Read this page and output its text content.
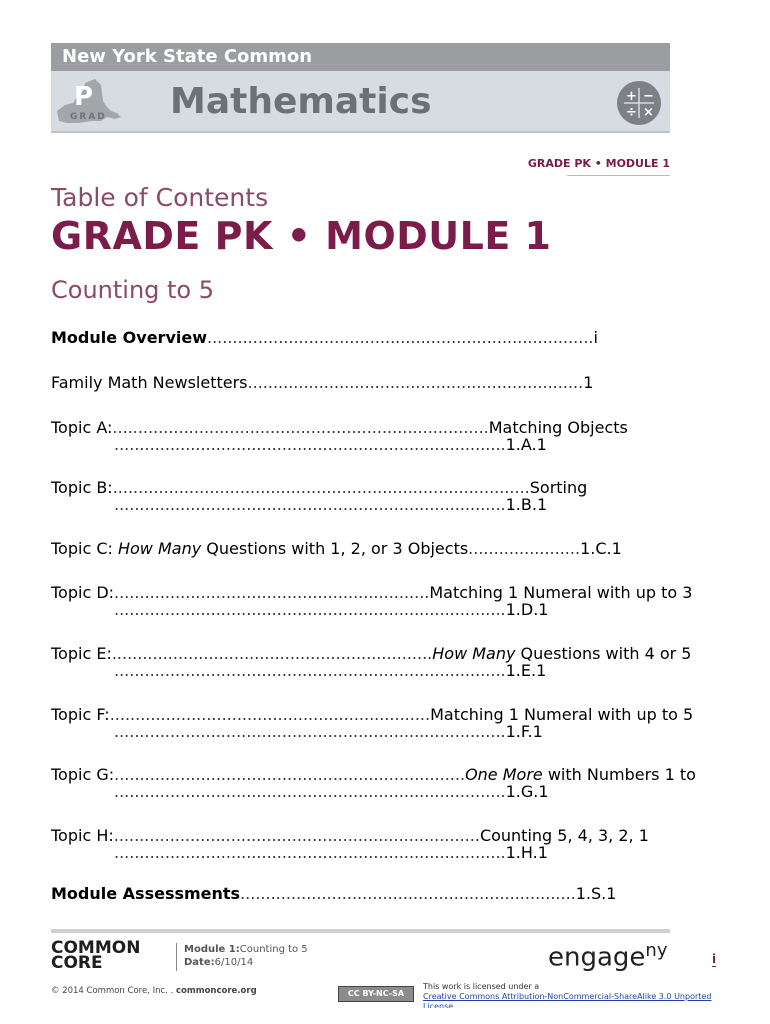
New York State Common
P
GRAD Mathematics	+ −
÷ ×
GRADE PK • MODULE 1
Table of Contents
GRADE PK • MODULE 1
Counting to 5
Module Overview............................................................................i
Family Math Newsletters..................................................................1
Topic A:..........................................................................Matching Objects
.............................................................................1.A.1
Topic B:..................................................................................Sorting
.............................................................................1.B.1
Topic C: How Many Questions with 1, 2, or 3 Objects......................1.C.1
Topic D:..............................................................Matching 1 Numeral with up to 3
.............................................................................1.D.1
Topic E:...............................................................How Many Questions with 4 or 5
.............................................................................1.E.1
Topic F:...............................................................Matching 1 Numeral with up to 5
.............................................................................1.F.1
Topic G:.....................................................................One More with Numbers 1 to
.............................................................................1.G.1
Topic H:........................................................................Counting 5, 4, 3, 2, 1
.............................................................................1.H.1
Module Assessments..................................................................1.S.1
COMMON
CORE
Module 1:Counting to 5
Date:6/10/14	engage$^{ny}$	i
© 2014 Common Core, Inc. . commoncore.org	CC BY-NC-SA
This work is licensed under a
Creative Commons Attribution-NonCommercial-ShareAlike 3.0 Unported
License.
